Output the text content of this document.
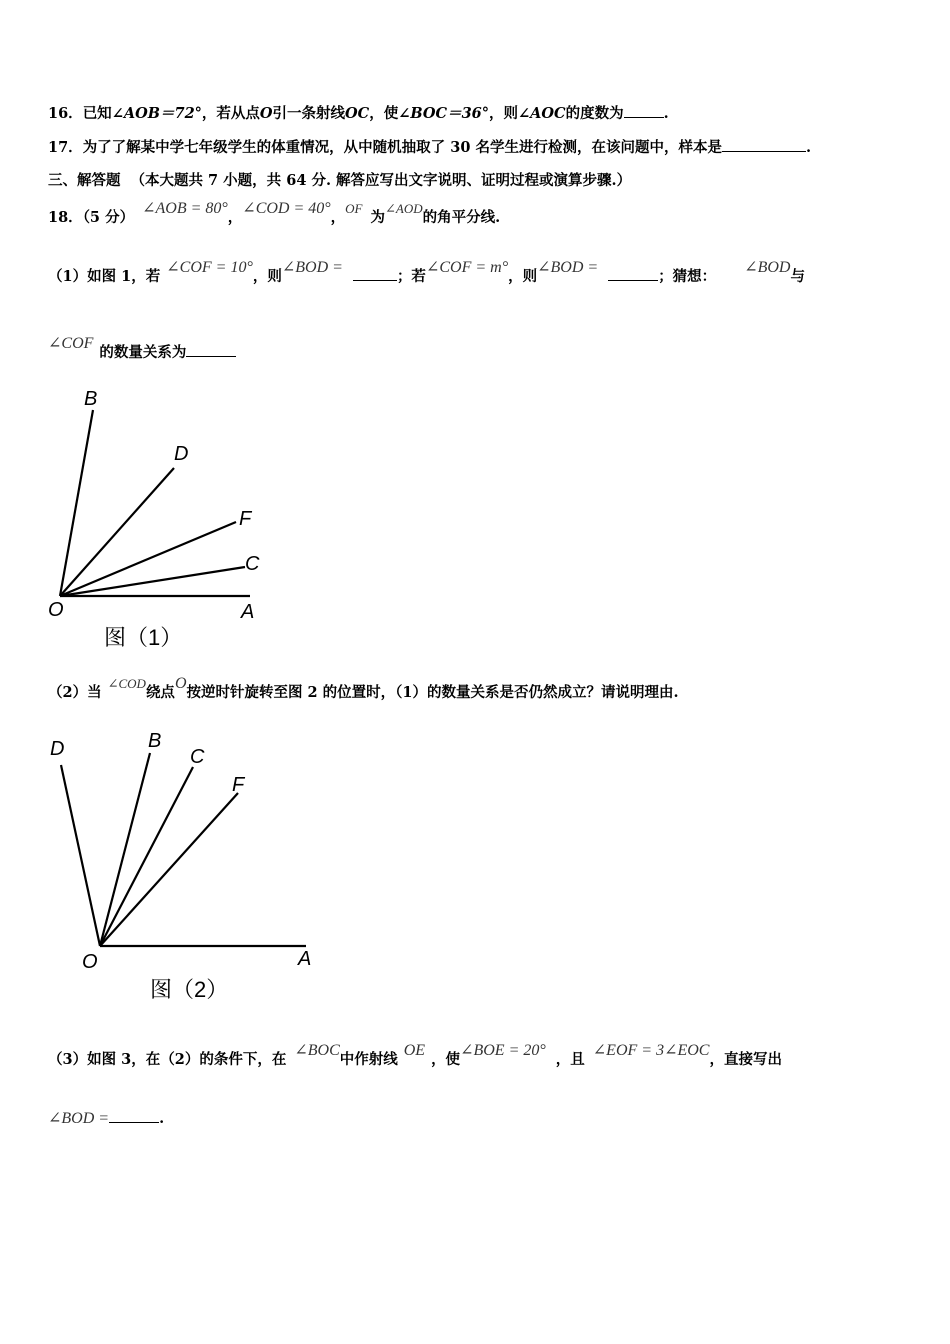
16．已知∠AOB＝72°，若从点O引一条射线OC，使∠BOC＝36°，则∠AOC的度数为	.
17．为了了解某中学七年级学生的体重情况，从中随机抽取了 30 名学生进行检测，在该问题中，样本是	.
三、解答题 （本大题共 7 小题，共 64 分. 解答应写出文字说明、证明过程或演算步骤.）
18．（5 分）∠AOB = 80°，∠COD = 40°，OF为∠AOD的角平分线.
（1）如图 1，若∠COF = 10°，则∠BOD =；若∠COF = m°，则∠BOD =；猜想：∠BOD与
∠COF的数量关系为
B
D
F
C
O	A
图（1）
（2）当∠COD绕点O按逆时针旋转至图 2 的位置时，（1）的数量关系是否仍然成立？请说明理由.
D	B
C
F
O	A
图（2）
（3）如图 3，在（2）的条件下，在∠BOC中作射线OE，使∠BOE = 20°，且∠EOF = 3∠EOC，直接写出
∠BOD =	.
